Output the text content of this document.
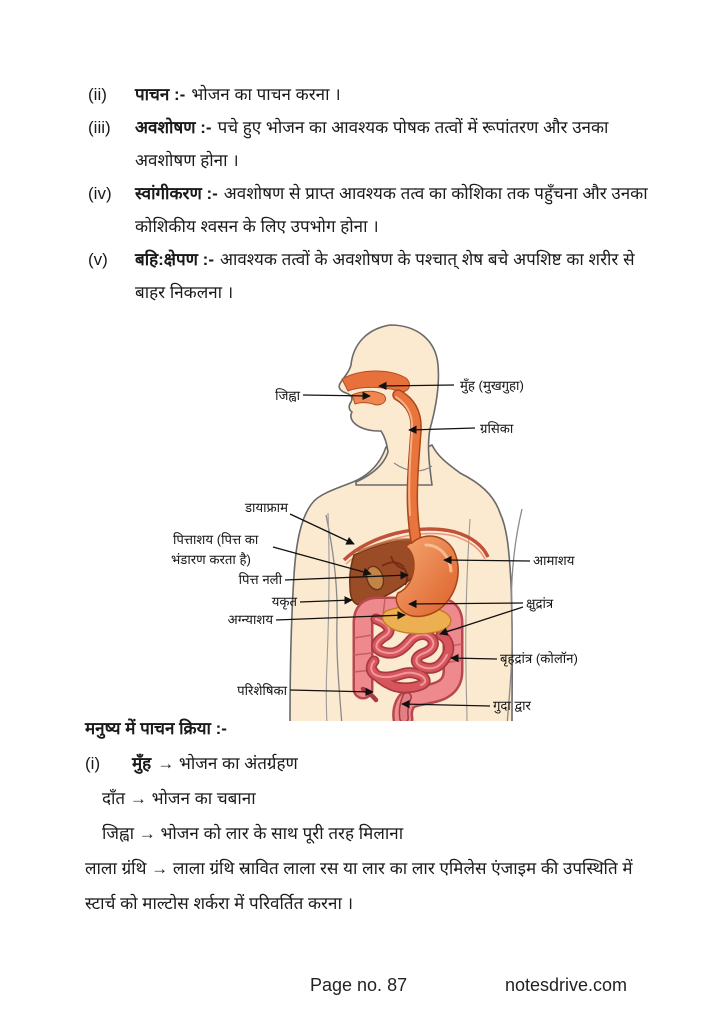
(ii)	पाचन :- भोजन का पाचन करना ।
(iii)	अवशोषण :- पचे हुए भोजन का आवश्यक पोषक तत्वों में रूपांतरण और उनका अवशोषण होना ।
(iv)	स्वांगीकरण :- अवशोषण से प्राप्त आवश्यक तत्व का कोशिका तक पहुँचना और उनका कोशिकीय श्वसन के लिए उपभोग होना ।
(v)	बहि:क्षेपण :- आवश्यक तत्वों के अवशोषण के पश्चात् शेष बचे अपशिष्ट का शरीर से बाहर निकलना ।
जिह्वा
मुँह (मुखगुहा)
ग्रसिका
डायाफ्राम
पित्ताशय (पित्त का
भंडारण करता है)
पित्त नली
यकृत
अग्न्याशय
आमाशय
क्षुद्रांत्र
बृहद्रांत्र (कोलॉन)
परिशेषिका
गुदा द्वार
मनुष्य में पाचन क्रिया :-
(i)	मुँह → भोजन का अंतर्ग्रहण
दाँत → भोजन का चबाना
जिह्वा → भोजन को लार के साथ पूरी तरह मिलाना
लाला ग्रंथि → लाला ग्रंथि स्रावित लाला रस या लार का लार एमिलेस एंजाइम की उपस्थिति में स्टार्च को माल्टोस शर्करा में परिवर्तित करना ।
Page no. 87	notesdrive.com
